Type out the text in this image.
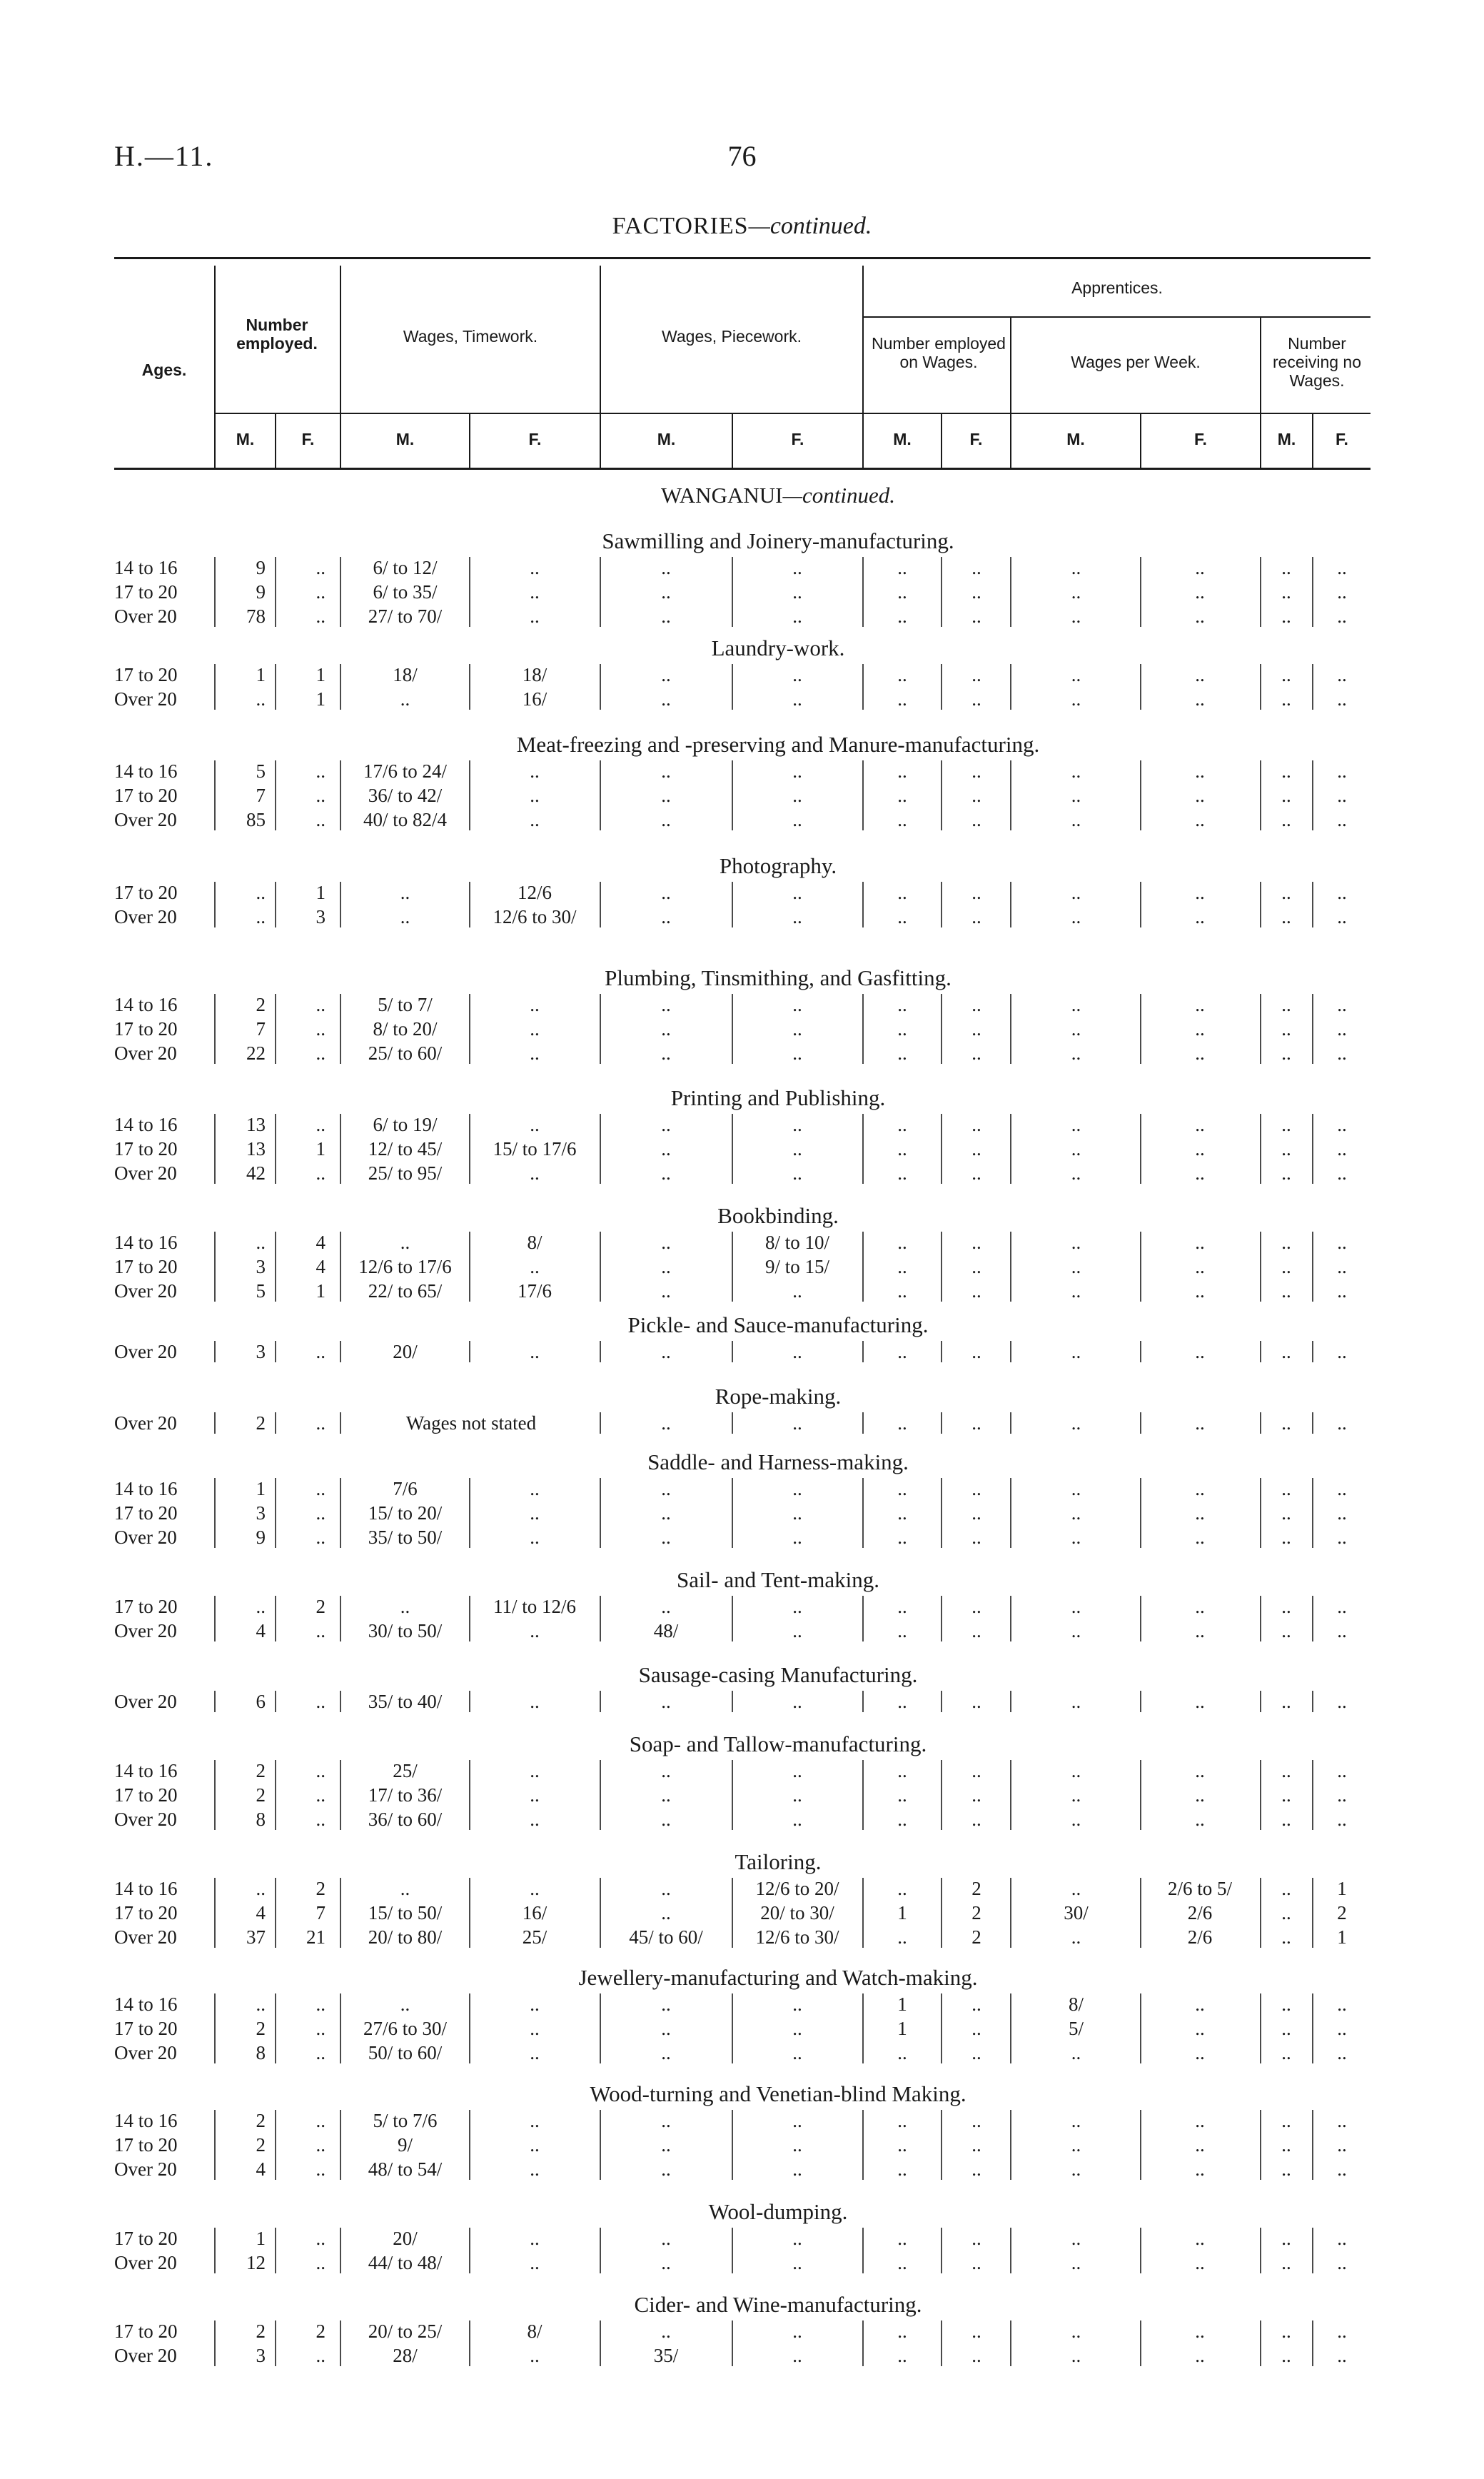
H.—11.	76
FACTORIES—continued.
Ages.
Number employed.	Wages, Timework.	Wages, Piecework.
Apprentices.
Number employed on Wages.	Wages per Week.
Number receiving no Wages.
M.	F.	M.	F.	M.	F.	M.	F.	M.	F.	M.	F.
WANGANUI—continued.
Sawmilling and Joinery-manufacturing.
14 to 16	9	..	6/ to 12/	..	..	..	..	..	..	..	..	..
17 to 20	9	..	6/ to 35/	..	..	..	..	..	..	..	..	..
Over 20	78	..	27/ to 70/	..	..	..	..	..	..	..	..	..
Laundry-work.
17 to 20	1	1	18/	18/	..	..	..	..	..	..	..	..
Over 20	..	1	..	16/	..	..	..	..	..	..	..	..
Meat-freezing and -preserving and Manure-manufacturing.
14 to 16	5	..	17/6 to 24/	..	..	..	..	..	..	..	..	..
17 to 20	7	..	36/ to 42/	..	..	..	..	..	..	..	..	..
Over 20	85	..	40/ to 82/4	..	..	..	..	..	..	..	..	..
Photography.
17 to 20	..	1	..	12/6	..	..	..	..	..	..	..	..
Over 20	..	3	..	12/6 to 30/	..	..	..	..	..	..	..	..
Plumbing, Tinsmithing, and Gasfitting.
14 to 16	2	..	5/ to 7/	..	..	..	..	..	..	..	..	..
17 to 20	7	..	8/ to 20/	..	..	..	..	..	..	..	..	..
Over 20	22	..	25/ to 60/	..	..	..	..	..	..	..	..	..
Printing and Publishing.
14 to 16	13	..	6/ to 19/	..	..	..	..	..	..	..	..	..
17 to 20	13	1	12/ to 45/	15/ to 17/6	..	..	..	..	..	..	..	..
Over 20	42	..	25/ to 95/	..	..	..	..	..	..	..	..	..
Bookbinding.
14 to 16	..	4	..	8/	..	8/ to 10/	..	..	..	..	..	..
17 to 20	3	4	12/6 to 17/6	..	..	9/ to 15/	..	..	..	..	..	..
Over 20	5	1	22/ to 65/	17/6	..	..	..	..	..	..	..	..
Pickle- and Sauce-manufacturing.
Over 20	3	..	20/	..	..	..	..	..	..	..	..	..
Rope-making.
Over 20	2	..	Wages not stated	..	..	..	..	..	..	..	..
Saddle- and Harness-making.
14 to 16	1	..	7/6	..	..	..	..	..	..	..	..	..
17 to 20	3	..	15/ to 20/	..	..	..	..	..	..	..	..	..
Over 20	9	..	35/ to 50/	..	..	..	..	..	..	..	..	..
Sail- and Tent-making.
17 to 20	..	2	..	11/ to 12/6	..	..	..	..	..	..	..	..
Over 20	4	..	30/ to 50/	..	48/	..	..	..	..	..	..	..
Sausage-casing Manufacturing.
Over 20	6	..	35/ to 40/	..	..	..	..	..	..	..	..	..
Soap- and Tallow-manufacturing.
14 to 16	2	..	25/	..	..	..	..	..	..	..	..	..
17 to 20	2	..	17/ to 36/	..	..	..	..	..	..	..	..	..
Over 20	8	..	36/ to 60/	..	..	..	..	..	..	..	..	..
Tailoring.
14 to 16	..	2	..	..	..	12/6 to 20/	..	2	..	2/6 to 5/	..	1
17 to 20	4	7	15/ to 50/	16/	..	20/ to 30/	1	2	30/	2/6	..	2
Over 20	37	21	20/ to 80/	25/	45/ to 60/	12/6 to 30/	..	2	..	2/6	..	1
Jewellery-manufacturing and Watch-making.
14 to 16	..	..	..	..	..	..	1	..	8/	..	..	..
17 to 20	2	..	27/6 to 30/	..	..	..	1	..	5/	..	..	..
Over 20	8	..	50/ to 60/	..	..	..	..	..	..	..	..	..
Wood-turning and Venetian-blind Making.
14 to 16	2	..	5/ to 7/6	..	..	..	..	..	..	..	..	..
17 to 20	2	..	9/	..	..	..	..	..	..	..	..	..
Over 20	4	..	48/ to 54/	..	..	..	..	..	..	..	..	..
Wool-dumping.
17 to 20	1	..	20/	..	..	..	..	..	..	..	..	..
Over 20	12	..	44/ to 48/	..	..	..	..	..	..	..	..	..
Cider- and Wine-manufacturing.
17 to 20	2	2	20/ to 25/	8/	..	..	..	..	..	..	..	..
Over 20	3	..	28/	..	35/	..	..	..	..	..	..	..
